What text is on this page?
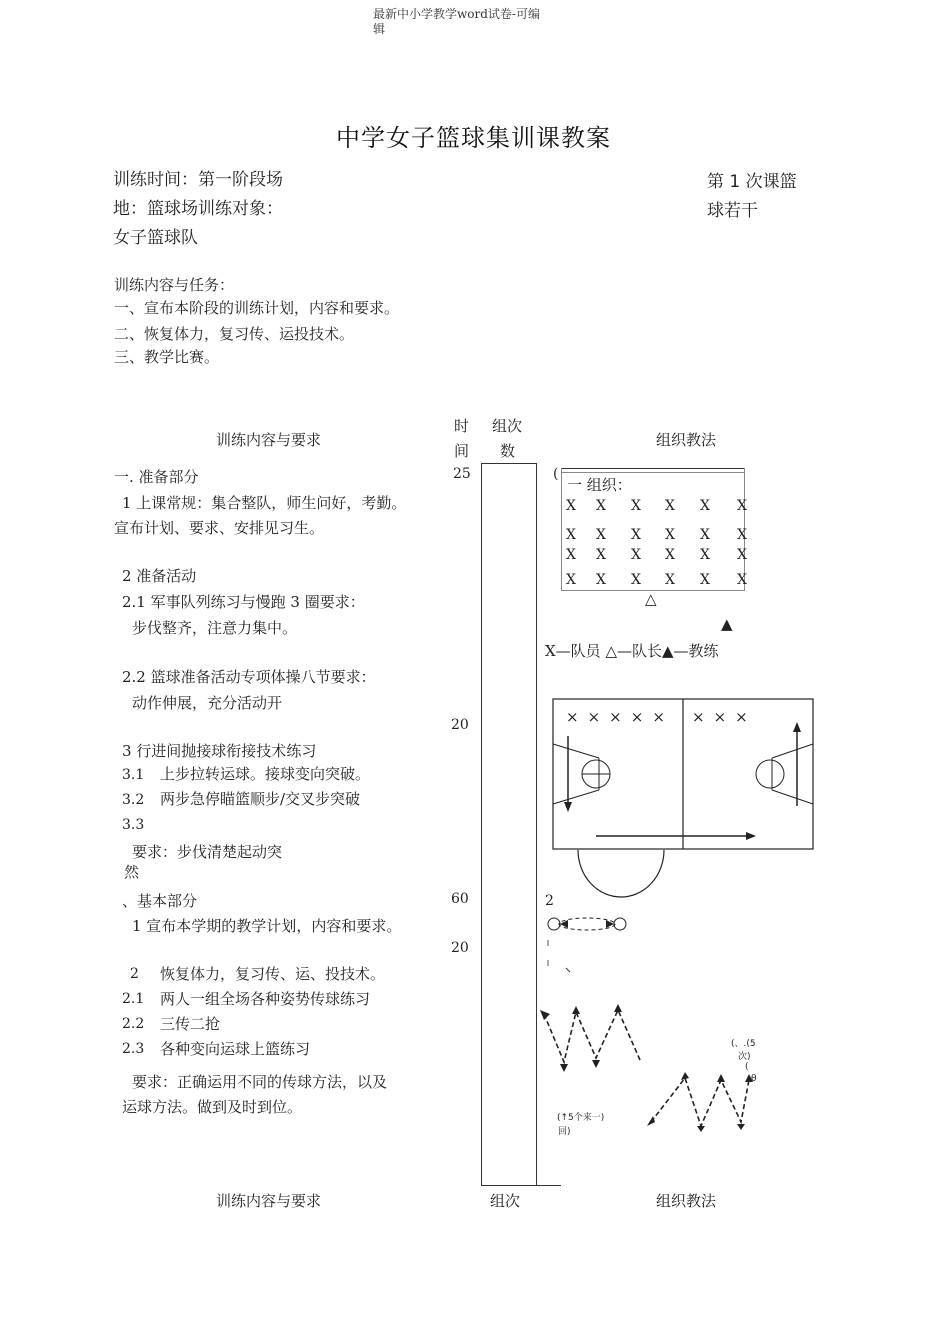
最新中小学教学word试卷-可编
辑
中学女子篮球集训课教案
训练时间：第一阶段场
地：篮球场训练对象：
女子篮球队
第 1 次课篮
球若干
训练内容与任务：
一、宣布本阶段的训练计划，内容和要求。
二、恢复体力，复习传、运投技术。
三、教学比赛。
训练内容与要求
时
间
组次
数
组织教法
一. 准备部分
1 上课常规：集合整队，师生问好，考勤。
宣布计划、要求、安排见习生。
2 准备活动
2.1 军事队列练习与慢跑 3 圈要求：
步伐整齐，注意力集中。
2.2 篮球准备活动专项体操八节要求：
动作伸展，充分活动开
3 行进间抛接球衔接技术练习
3.1 上步拉转运球。接球变向突破。
3.2 两步急停瞄篮顺步/交叉步突破
3.3
要求：步伐清楚起动突
然
、基本部分
1 宣布本学期的教学计划，内容和要求。
2 恢复体力，复习传、运、投技术。
2.1 两人一组全场各种姿势传球练习
2.2 三传二抢
2.3 各种变向运球上篮练习
要求：正确运用不同的传球方法，以及
运球方法。做到及时到位。
25
20
60
20
(
一 组织：
X X X X X X
X X X X X X
X X X X X X
X X X X X X
△
▲
X—队员 △—队长▲—教练
××××× ×××
2
(、.(5
次)
(
θ
(↑5个来一)
回)
训练内容与要求	组次	组织教法
